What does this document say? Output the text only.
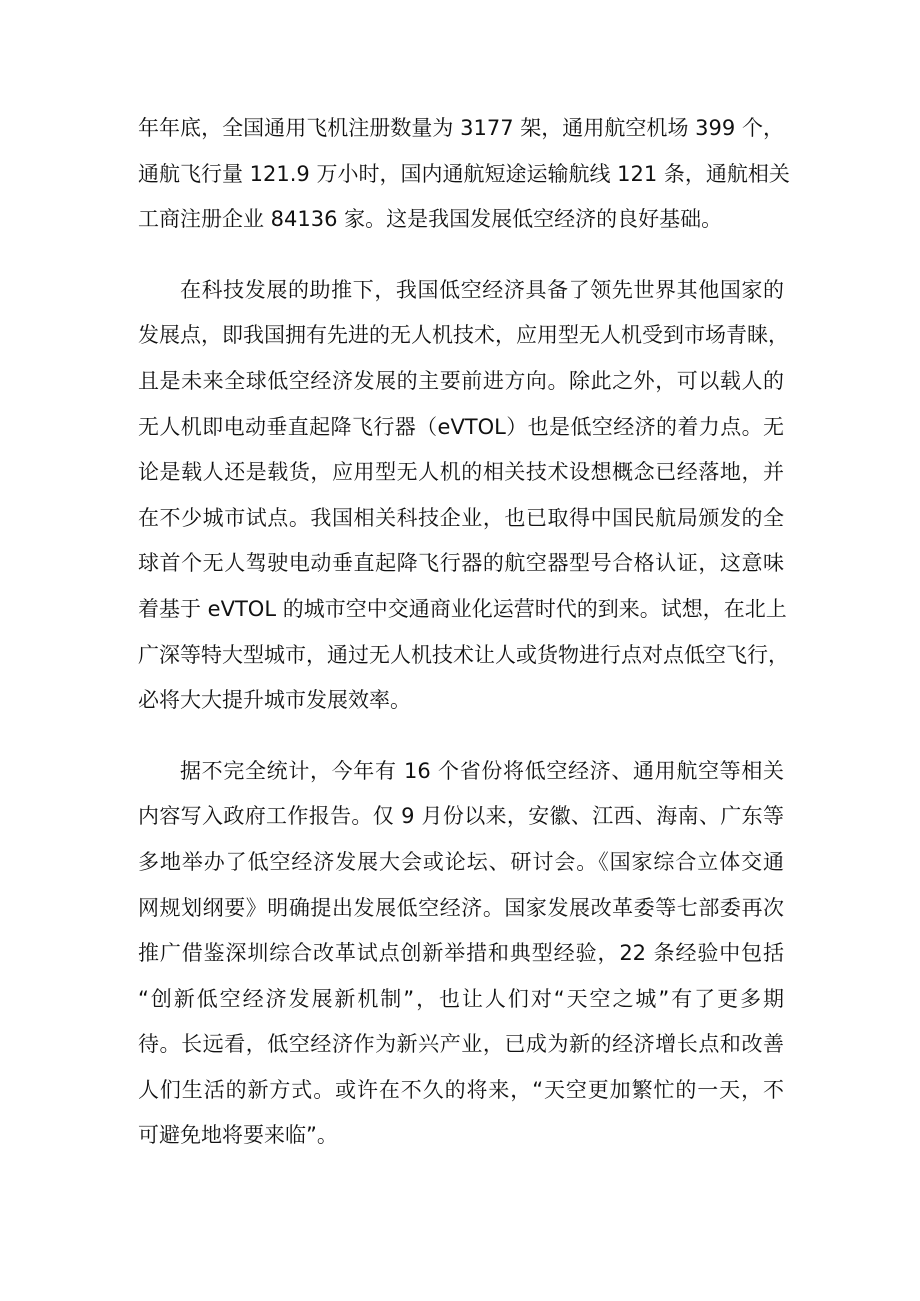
年年底，全国通用飞机注册数量为 3177 架，通用航空机场 399 个，
通航飞行量 121.9 万小时，国内通航短途运输航线 121 条，通航相关
工商注册企业 84136 家。这是我国发展低空经济的良好基础。
在科技发展的助推下，我国低空经济具备了领先世界其他国家的
发展点，即我国拥有先进的无人机技术，应用型无人机受到市场青睐，
且是未来全球低空经济发展的主要前进方向。除此之外，可以载人的
无人机即电动垂直起降飞行器（eVTOL）也是低空经济的着力点。无
论是载人还是载货，应用型无人机的相关技术设想概念已经落地，并
在不少城市试点。我国相关科技企业，也已取得中国民航局颁发的全
球首个无人驾驶电动垂直起降飞行器的航空器型号合格认证，这意味
着基于 eVTOL 的城市空中交通商业化运营时代的到来。试想，在北上
广深等特大型城市，通过无人机技术让人或货物进行点对点低空飞行，
必将大大提升城市发展效率。
据不完全统计，今年有 16 个省份将低空经济、通用航空等相关
内容写入政府工作报告。仅 9 月份以来，安徽、江西、海南、广东等
多地举办了低空经济发展大会或论坛、研讨会。《国家综合立体交通
网规划纲要》明确提出发展低空经济。国家发展改革委等七部委再次
推广借鉴深圳综合改革试点创新举措和典型经验，22 条经验中包括
“创新低空经济发展新机制”，也让人们对“天空之城”有了更多期
待。长远看，低空经济作为新兴产业，已成为新的经济增长点和改善
人们生活的新方式。或许在不久的将来，“天空更加繁忙的一天，不
可避免地将要来临”。
